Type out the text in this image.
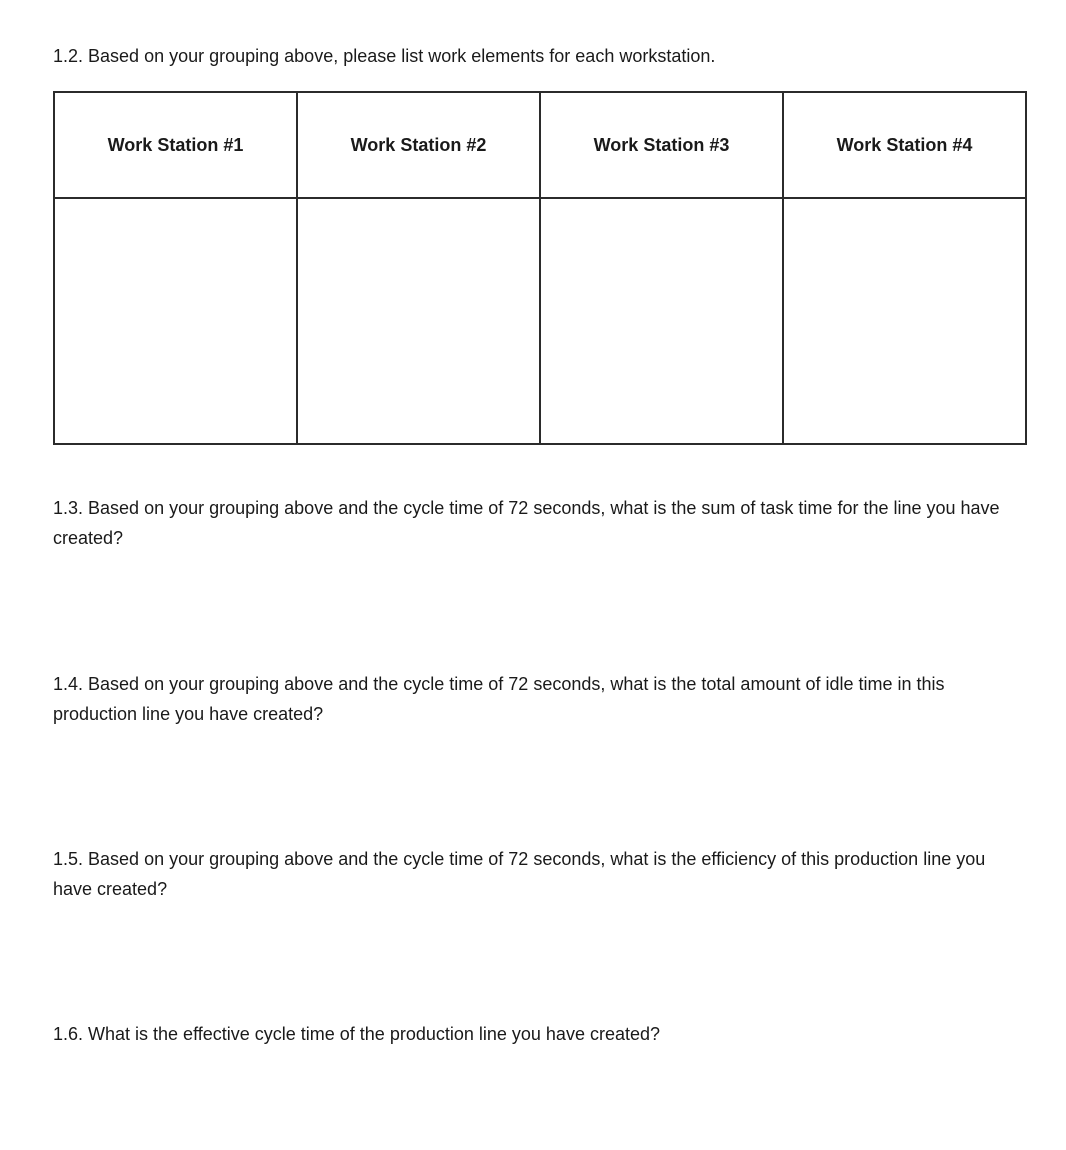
1.2. Based on your grouping above, please list work elements for each workstation.

Work Station #1	Work Station #2	Work Station #3	Work Station #4

1.3. Based on your grouping above and the cycle time of 72 seconds, what is the sum of task time for the line you have created?

1.4. Based on your grouping above and the cycle time of 72 seconds, what is the total amount of idle time in this production line you have created?

1.5. Based on your grouping above and the cycle time of 72 seconds, what is the efficiency of this production line you have created?

1.6. What is the effective cycle time of the production line you have created?
